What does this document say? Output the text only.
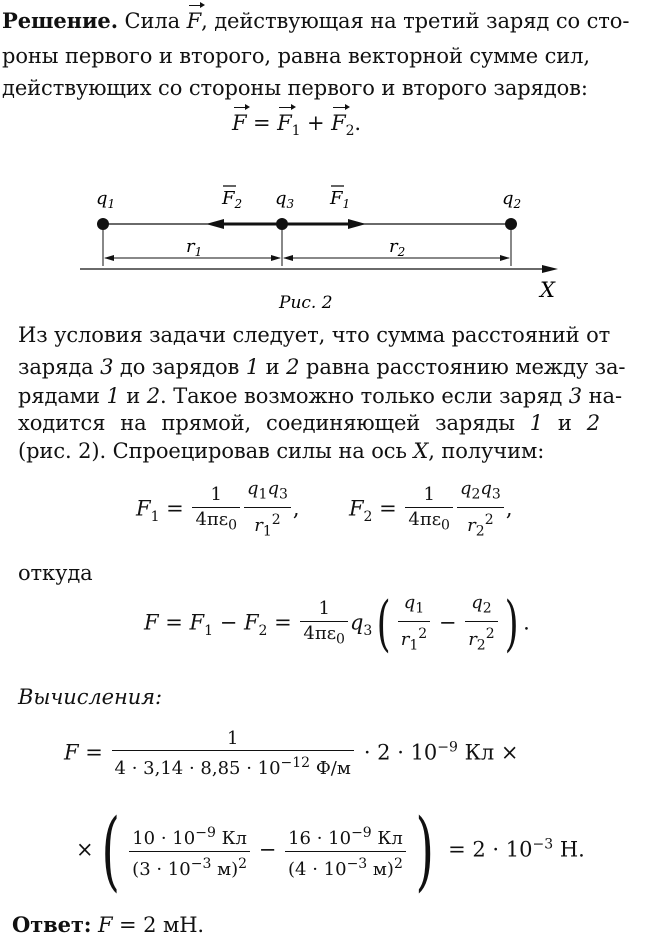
Решение. Сила F, действующая на третий заряд со сто-
роны первого и второго, равна векторной суммe сил,
действующих со стороны первого и второго зарядов:
$F = F_1 + F_2$.
$q_1$	$F_2$ $q_3$ $F_1$	$q_2$
$r_1$	$r_2$
X
Рис. 2
Из условия задачи следует, что сумма расстояний от
заряда 3 до зарядов 1 и 2 равна расстоянию между за-
рядами 1 и 2. Такое возможно только если заряд 3 на-
ходится на прямой, соединяющей заряды 1 и 2
(рис. 2). Спроецировав силы на ось X, получим:
$F_1 = \frac{1}{4\pi\varepsilon_0} \frac{q_1q_3}{r_1^2}$ , $F_2 = \frac{1}{4\pi\varepsilon_0} \frac{q_2q_3}{r_2^2}$ ,
откуда
$F = F_1 - F_2 = \frac{1}{4\pi\varepsilon_0} q_3( \frac{q_1}{r_1^2} - \frac{q_2}{r_2^2}$ ) .
Вычисления:
$F = \frac{1}{4 \cdot 3,14 \cdot 8,85 \cdot 10^{-12} Ф/м} \cdot 2 \cdot 10^{-9}$ Кл ×
×( $\frac{10 \cdot 10^{-9} Кл}{(3 \cdot 10^{-3} м)^2} - \frac{16 \cdot 10^{-9} Кл}{(4 \cdot 10^{-3} м)^2}$ ) = $2 \cdot 10^{-3}$ Н.
Ответ: F = 2 мН.
